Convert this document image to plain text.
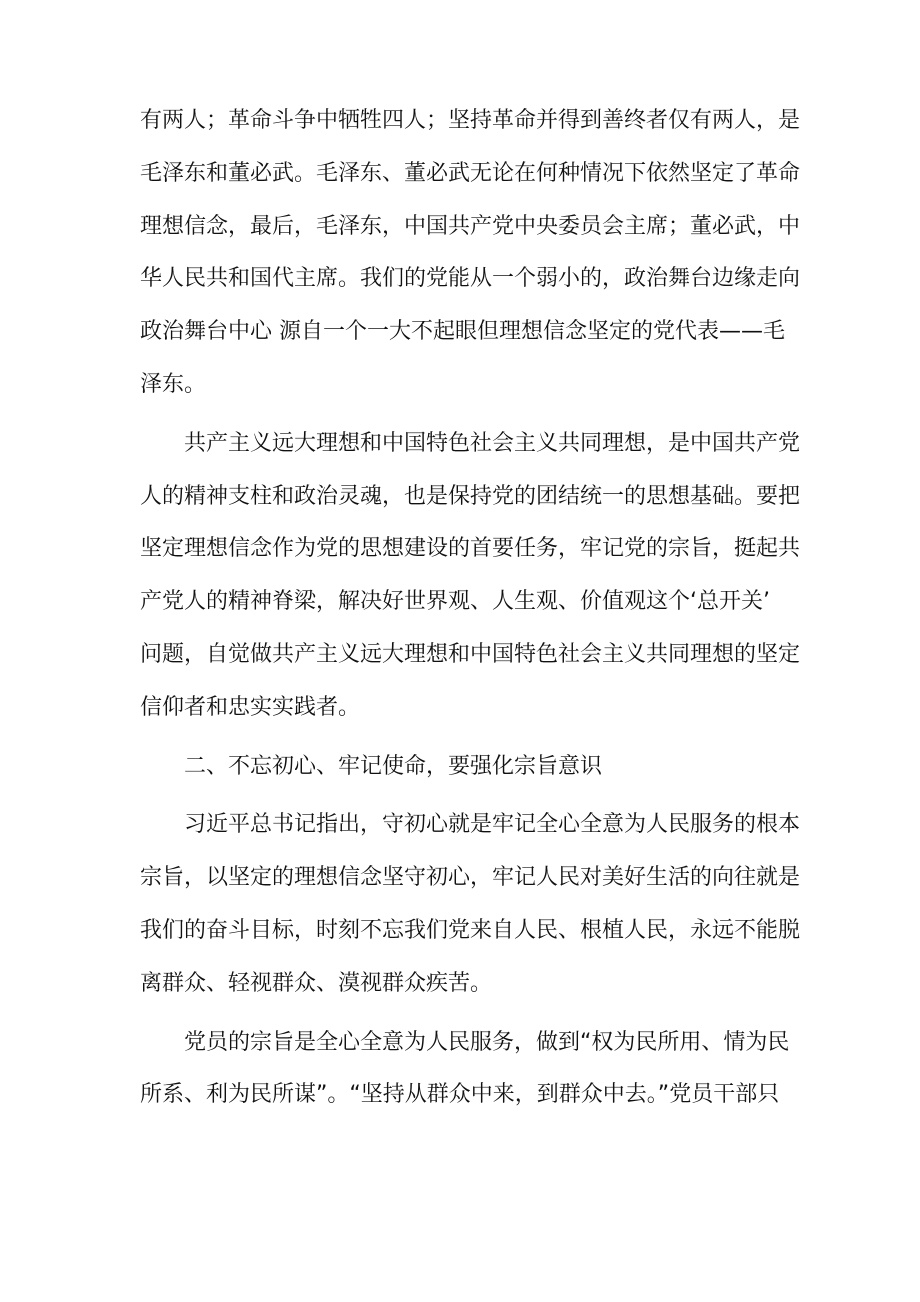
有两人；革命斗争中牺牲四人；坚持革命并得到善终者仅有两人，是
毛泽东和董必武。毛泽东、董必武无论在何种情况下依然坚定了革命
理想信念，最后，毛泽东，中国共产党中央委员会主席；董必武，中
华人民共和国代主席。我们的党能从一个弱小的，政治舞台边缘走向
政治舞台中心 源自一个一大不起眼但理想信念坚定的党代表——毛
泽东。
共产主义远大理想和中国特色社会主义共同理想，是中国共产党
人的精神支柱和政治灵魂，也是保持党的团结统一的思想基础。要把
坚定理想信念作为党的思想建设的首要任务，牢记党的宗旨，挺起共
产党人的精神脊梁，解决好世界观、人生观、价值观这个‘总开关’
问题，自觉做共产主义远大理想和中国特色社会主义共同理想的坚定
信仰者和忠实实践者。
二、不忘初心、牢记使命，要强化宗旨意识
习近平总书记指出，守初心就是牢记全心全意为人民服务的根本
宗旨，以坚定的理想信念坚守初心，牢记人民对美好生活的向往就是
我们的奋斗目标，时刻不忘我们党来自人民、根植人民，永远不能脱
离群众、轻视群众、漠视群众疾苦。
党员的宗旨是全心全意为人民服务，做到“权为民所用、情为民
所系、利为民所谋”。“坚持从群众中来，到群众中去。”党员干部只
